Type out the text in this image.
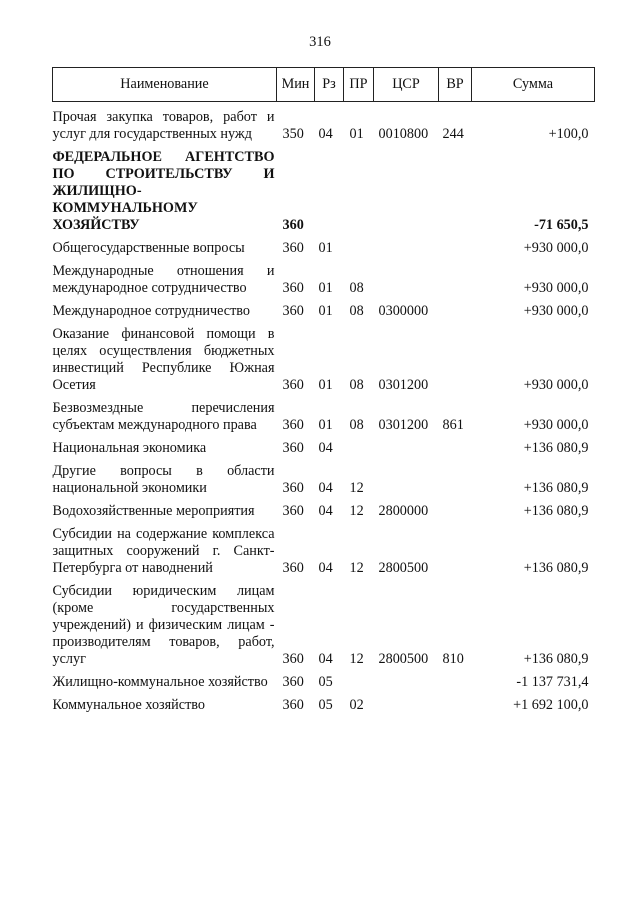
316
Наименование	Мин	Рз	ПР	ЦСР	ВР	Сумма
Прочая закупка товаров, работ и услуг для государственных нужд	350	04	01	0010800	244	+100,0
ФЕДЕРАЛЬНОЕ АГЕНТСТВО ПО СТРОИТЕЛЬСТВУ И ЖИЛИЩНО-КОММУНАЛЬНОМУ ХОЗЯЙСТВУ	360					-71 650,5
Общегосударственные вопросы	360	01				+930 000,0
Международные отношения и международное сотрудничество	360	01	08			+930 000,0
Международное сотрудничество	360	01	08	0300000		+930 000,0
Оказание финансовой помощи в целях осуществления бюджетных инвестиций Республике Южная Осетия	360	01	08	0301200		+930 000,0
Безвозмездные перечисления субъектам международного права	360	01	08	0301200	861	+930 000,0
Национальная экономика	360	04				+136 080,9
Другие вопросы в области национальной экономики	360	04	12			+136 080,9
Водохозяйственные мероприятия	360	04	12	2800000		+136 080,9
Субсидии на содержание комплекса защитных сооружений г. Санкт-Петербурга от наводнений	360	04	12	2800500		+136 080,9
Субсидии юридическим лицам (кроме государственных учреждений) и физическим лицам - производителям товаров, работ, услуг	360	04	12	2800500	810	+136 080,9
Жилищно-коммунальное хозяйство	360	05				-1 137 731,4
Коммунальное хозяйство	360	05	02			+1 692 100,0
